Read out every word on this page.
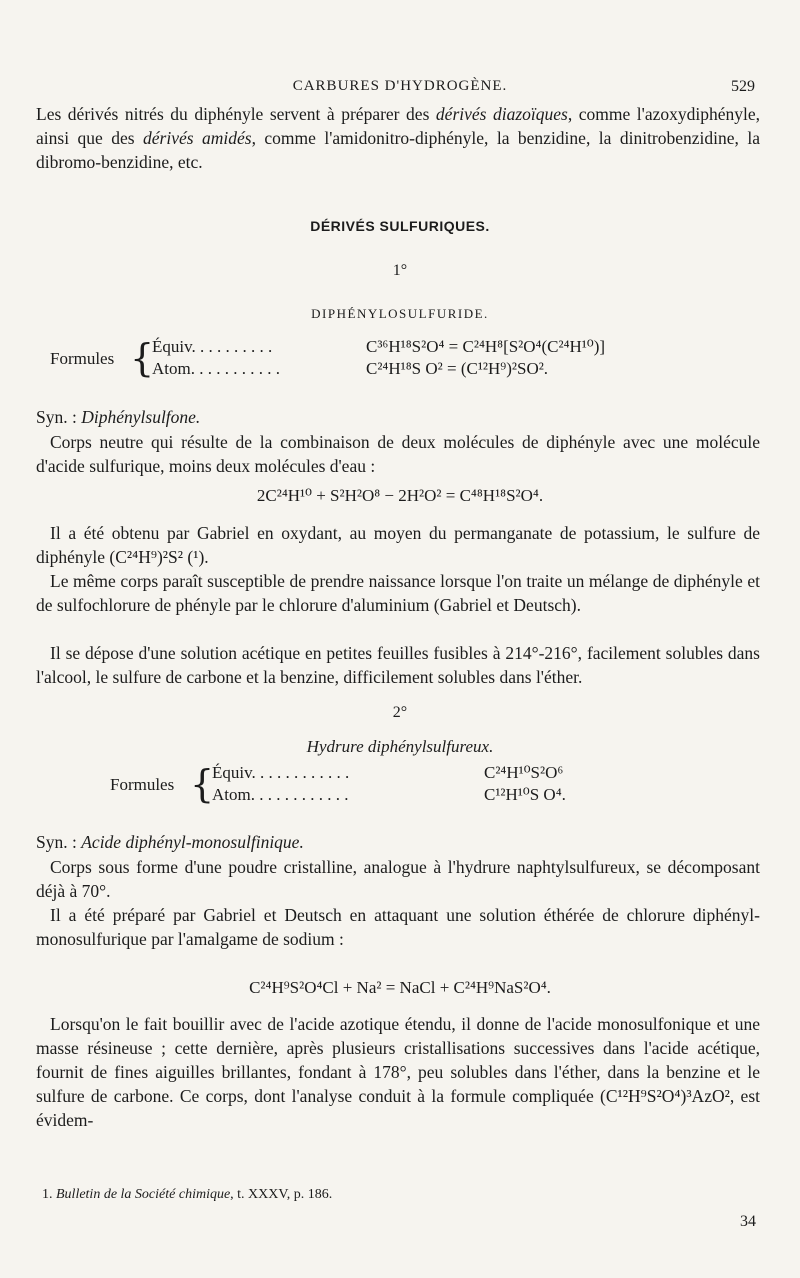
CARBURES D'HYDROGÈNE.	529

Les dérivés nitrés du diphényle servent à préparer des dérivés diazoïques, comme l'azoxydiphényle, ainsi que des dérivés amidés, comme l'amidonitro-diphényle, la benzidine, la dinitrobenzidine, la dibromo-benzidine, etc.

DÉRIVÉS SULFURIQUES.
1°
DIPHÉNYLOSULFURIDE.
Formules {
Équiv. . . . . . . . . .
Atom. . . . . . . . . . .
C³⁶H¹⁸S²O⁴ = C²⁴H⁸[S²O⁴(C²⁴H¹⁰)]
C²⁴H¹⁸S O² = (C¹²H⁹)²SO².
Syn. : Diphénylsulfone.

Corps neutre qui résulte de la combinaison de deux molécules de diphényle avec une molécule d'acide sulfurique, moins deux molécules d'eau :

2C²⁴H¹⁰ + S²H²O⁸ − 2H²O² = C⁴⁸H¹⁸S²O⁴.

Il a été obtenu par Gabriel en oxydant, au moyen du permanganate de potassium, le sulfure de diphényle (C²⁴H⁹)²S² (¹).

Le même corps paraît susceptible de prendre naissance lorsque l'on traite un mélange de diphényle et de sulfochlorure de phényle par le chlorure d'aluminium (Gabriel et Deutsch).

Il se dépose d'une solution acétique en petites feuilles fusibles à 214°-216°, facilement solubles dans l'alcool, le sulfure de carbone et la benzine, difficilement solubles dans l'éther.

2°
Hydrure diphénylsulfureux.
Formules {
Équiv. . . . . . . . . . . .
Atom. . . . . . . . . . . .
C²⁴H¹⁰S²O⁶
C¹²H¹⁰S O⁴.
Syn. : Acide diphényl-monosulfinique.

Corps sous forme d'une poudre cristalline, analogue à l'hydrure naphtylsulfureux, se décomposant déjà à 70°.

Il a été préparé par Gabriel et Deutsch en attaquant une solution éthérée de chlorure diphényl-monosulfurique par l'amalgame de sodium :

C²⁴H⁹S²O⁴Cl + Na² = NaCl + C²⁴H⁹NaS²O⁴.

Lorsqu'on le fait bouillir avec de l'acide azotique étendu, il donne de l'acide monosulfonique et une masse résineuse ; cette dernière, après plusieurs cristallisations successives dans l'acide acétique, fournit de fines aiguilles brillantes, fondant à 178°, peu solubles dans l'éther, dans la benzine et le sulfure de carbone. Ce corps, dont l'analyse conduit à la formule compliquée (C¹²H⁹S²O⁴)³AzO², est évidem-

1. Bulletin de la Société chimique, t. XXXV, p. 186.
34
